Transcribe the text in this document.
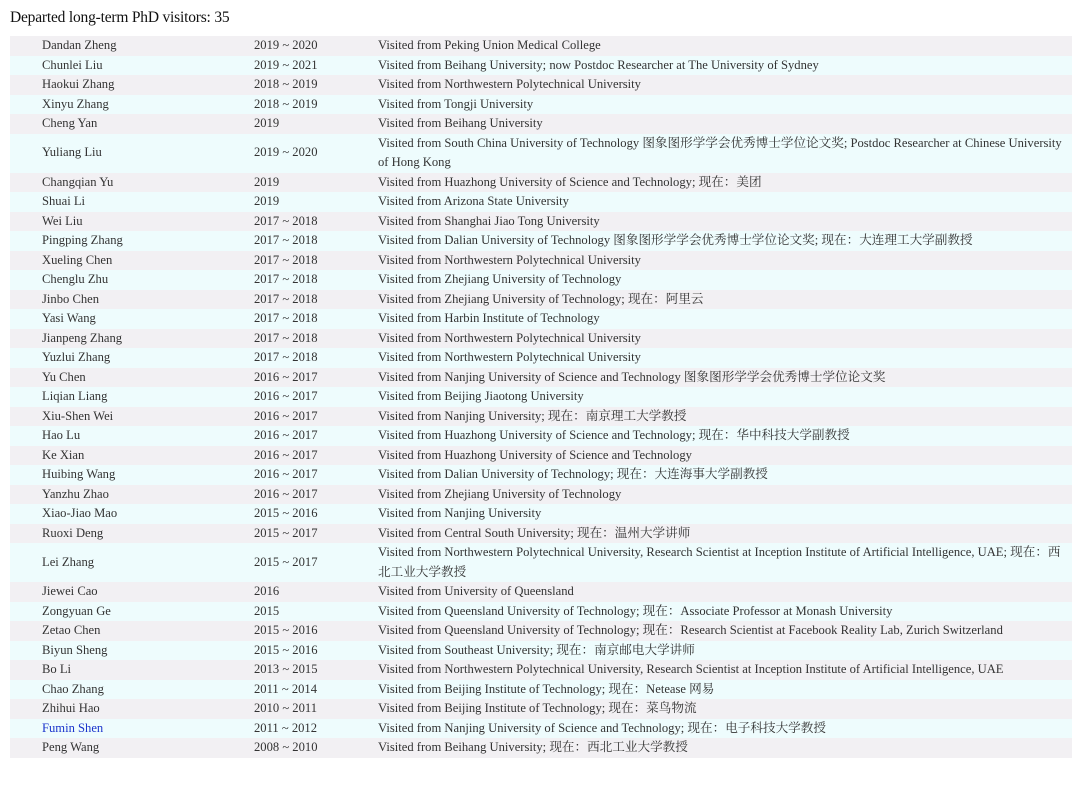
Departed long-term PhD visitors: 35
Dandan Zheng	2019 ~ 2020	Visited from Peking Union Medical College
Chunlei Liu	2019 ~ 2021	Visited from Beihang University; now Postdoc Researcher at The University of Sydney
Haokui Zhang	2018 ~ 2019	Visited from Northwestern Polytechnical University
Xinyu Zhang	2018 ~ 2019	Visited from Tongji University
Cheng Yan	2019	Visited from Beihang University
Yuliang Liu	2019 ~ 2020	Visited from South China University of Technology 图象图形学学会优秀博士学位论文奖; Postdoc Researcher at Chinese University of Hong Kong
Changqian Yu	2019	Visited from Huazhong University of Science and Technology; 现在：美团
Shuai Li	2019	Visited from Arizona State University
Wei Liu	2017 ~ 2018	Visited from Shanghai Jiao Tong University
Pingping Zhang	2017 ~ 2018	Visited from Dalian University of Technology 图象图形学学会优秀博士学位论文奖; 现在：大连理工大学副教授
Xueling Chen	2017 ~ 2018	Visited from Northwestern Polytechnical University
Chenglu Zhu	2017 ~ 2018	Visited from Zhejiang University of Technology
Jinbo Chen	2017 ~ 2018	Visited from Zhejiang University of Technology; 现在：阿里云
Yasi Wang	2017 ~ 2018	Visited from Harbin Institute of Technology
Jianpeng Zhang	2017 ~ 2018	Visited from Northwestern Polytechnical University
Yuzlui Zhang	2017 ~ 2018	Visited from Northwestern Polytechnical University
Yu Chen	2016 ~ 2017	Visited from Nanjing University of Science and Technology 图象图形学学会优秀博士学位论文奖
Liqian Liang	2016 ~ 2017	Visited from Beijing Jiaotong University
Xiu-Shen Wei	2016 ~ 2017	Visited from Nanjing University; 现在：南京理工大学教授
Hao Lu	2016 ~ 2017	Visited from Huazhong University of Science and Technology; 现在：华中科技大学副教授
Ke Xian	2016 ~ 2017	Visited from Huazhong University of Science and Technology
Huibing Wang	2016 ~ 2017	Visited from Dalian University of Technology; 现在：大连海事大学副教授
Yanzhu Zhao	2016 ~ 2017	Visited from Zhejiang University of Technology
Xiao-Jiao Mao	2015 ~ 2016	Visited from Nanjing University
Ruoxi Deng	2015 ~ 2017	Visited from Central South University; 现在：温州大学讲师
Lei Zhang	2015 ~ 2017	Visited from Northwestern Polytechnical University, Research Scientist at Inception Institute of Artificial Intelligence, UAE; 现在：西北工业大学教授
Jiewei Cao	2016	Visited from University of Queensland
Zongyuan Ge	2015	Visited from Queensland University of Technology; 现在：Associate Professor at Monash University
Zetao Chen	2015 ~ 2016	Visited from Queensland University of Technology; 现在：Research Scientist at Facebook Reality Lab, Zurich Switzerland
Biyun Sheng	2015 ~ 2016	Visited from Southeast University; 现在：南京邮电大学讲师
Bo Li	2013 ~ 2015	Visited from Northwestern Polytechnical University, Research Scientist at Inception Institute of Artificial Intelligence, UAE
Chao Zhang	2011 ~ 2014	Visited from Beijing Institute of Technology; 现在：Netease 网易
Zhihui Hao	2010 ~ 2011	Visited from Beijing Institute of Technology; 现在：菜鸟物流
Fumin Shen	2011 ~ 2012	Visited from Nanjing University of Science and Technology; 现在：电子科技大学教授
Peng Wang	2008 ~ 2010	Visited from Beihang University; 现在：西北工业大学教授
